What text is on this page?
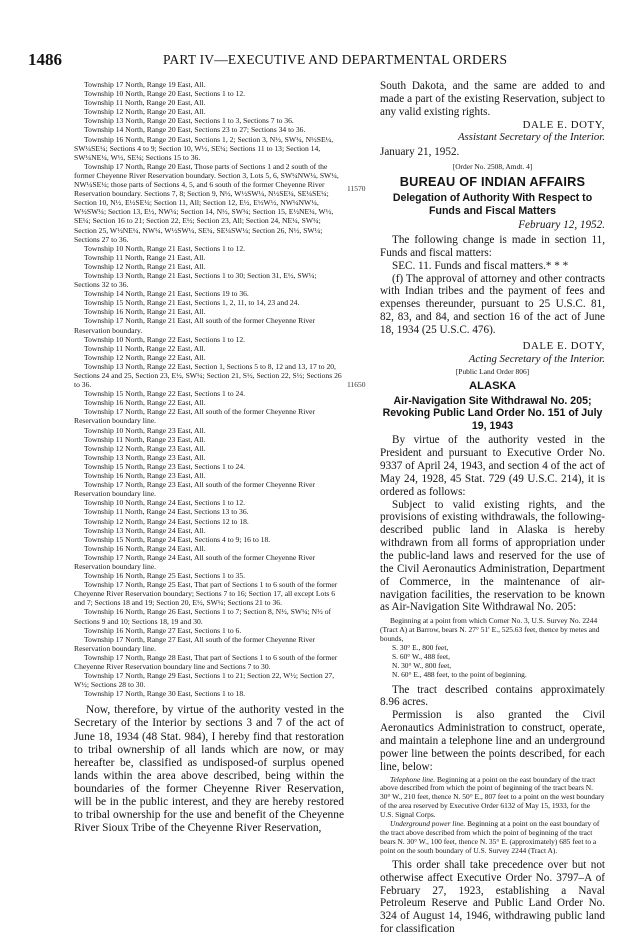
1486	PART IV—EXECUTIVE AND DEPARTMENTAL ORDERS

Township 17 North, Range 19 East, All.

Township 10 North, Range 20 East, Sections 1 to 12.

Township 11 North, Range 20 East, All.

Township 12 North, Range 20 East, All.

Township 13 North, Range 20 East, Sections 1 to 3, Sections 7 to 36.

Township 14 North, Range 20 East, Sections 23 to 27; Sections 34 to 36.

Township 16 North, Range 20 East, Sections 1, 2; Section 3, N½, SW¼, N½SE¼, SW¼SE¼; Sections 4 to 9; Section 10, W½, SE¼; Sections 11 to 13; Section 14, SW¼NE¼, W½, SE¼; Sections 15 to 36.

Township 17 North, Range 20 East, Those parts of Sections 1 and 2 south of the former Cheyenne River Reservation boundary. Section 3, Lots 5, 6, SW¼NW¼, SW¼, NW¼SE¼; those parts of Sections 4, 5, and 6 south of the former Cheyenne River Reservation boundary. Sections 7, 8; Section 9, N½, W½SW¼, N½SE¼, SE¼SE¼; Section 10, N½, E½SE¼; Section 11, All; Section 12, E½, E½W½, NW¼NW¼, W½SW¼; Section 13, E½, NW¼; Section 14, N½, SW¼; Section 15, E½NE¼, W½, SE¼; Section 16 to 21; Section 22, E½; Section 23, All; Section 24, NE¼, SW¼; Section 25, W½NE¼, NW¼, W½SW¼, SE¼, SE¼SW¼; Section 26, N½, SW¼; Sections 27 to 36.

Township 10 North, Range 21 East, Sections 1 to 12.

Township 11 North, Range 21 East, All.

Township 12 North, Range 21 East, All.

Township 13 North, Range 21 East, Sections 1 to 30; Section 31, E½, SW¼; Sections 32 to 36.

Township 14 North, Range 21 East, Sections 19 to 36.

Township 15 North, Range 21 East, Sections 1, 2, 11, to 14, 23 and 24.

Township 16 North, Range 21 East, All.

Township 17 North, Range 21 East, All south of the former Cheyenne River Reservation boundary.

Township 10 North, Range 22 East, Sections 1 to 12.

Township 11 North, Range 22 East, All.

Township 12 North, Range 22 East, All.

Township 13 North, Range 22 East, Section 1, Sections 5 to 8, 12 and 13, 17 to 20, Sections 24 and 25, Section 23, E½, SW¼; Section 21, S½, Section 22, S½; Sections 26 to 36.

Township 15 North, Range 22 East, Sections 1 to 24.

Township 16 North, Range 22 East, All.

Township 17 North, Range 22 East, All south of the former Cheyenne River Reservation boundary line.

Township 10 North, Range 23 East, All.

Township 11 North, Range 23 East, All.

Township 12 North, Range 23 East, All.

Township 13 North, Range 23 East, All.

Township 15 North, Range 23 East, Sections 1 to 24.

Township 16 North, Range 23 East, All.

Township 17 North, Range 23 East, All south of the former Cheyenne River Reservation boundary line.

Township 10 North, Range 24 East, Sections 1 to 12.

Township 11 North, Range 24 East, Sections 13 to 36.

Township 12 North, Range 24 East, Sections 12 to 18.

Township 13 North, Range 24 East, All.

Township 15 North, Range 24 East, Sections 4 to 9; 16 to 18.

Township 16 North, Range 24 East, All.

Township 17 North, Range 24 East, All south of the former Cheyenne River Reservation boundary line.

Township 16 North, Range 25 East, Sections 1 to 35.

Township 17 North, Range 25 East, That part of Sections 1 to 6 south of the former Cheyenne River Reservation boundary; Sections 7 to 16; Section 17, all except Lots 6 and 7; Sections 18 and 19; Section 20, E½, SW¼; Sections 21 to 36.

Township 16 North, Range 26 East, Sections 1 to 7; Section 8, N½, SW¼; N½ of Sections 9 and 10; Sections 18, 19 and 30.

Township 16 North, Range 27 East, Sections 1 to 6.

Township 17 North, Range 27 East, All south of the former Cheyenne River Reservation boundary line.

Township 17 North, Range 28 East, That part of Sections 1 to 6 south of the former Cheyenne River Reservation boundary line and Sections 7 to 30.

Township 17 North, Range 29 East, Sections 1 to 21; Section 22, W½; Section 27, W½; Sections 28 to 30.

Township 17 North, Range 30 East, Sections 1 to 18.

Now, therefore, by virtue of the authority vested in the Secretary of the Interior by sections 3 and 7 of the act of June 18, 1934 (48 Stat. 984), I hereby find that restoration to tribal ownership of all lands which are now, or may hereafter be, classified as undisposed-of surplus opened lands within the area above described, being within the boundaries of the former Cheyenne River Reservation, will be in the public interest, and they are hereby restored to tribal ownership for the use and benefit of the Cheyenne River Sioux Tribe of the Cheyenne River Reservation,

11570
11650

South Dakota, and the same are added to and made a part of the existing Reservation, subject to any valid existing rights.

DALE E. DOTY,

Assistant Secretary of the Interior.

January 21, 1952.

[Order No. 2508, Amdt. 4]

BUREAU OF INDIAN AFFAIRS

Delegation of Authority With Respect to Funds and Fiscal Matters

February 12, 1952.

The following change is made in section 11, Funds and fiscal matters:

SEC. 11. Funds and fiscal matters.* * *

(f) The approval of attorney and other contracts with Indian tribes and the payment of fees and expenses thereunder, pursuant to 25 U.S.C. 81, 82, 83, and 84, and section 16 of the act of June 18, 1934 (25 U.S.C. 476).

DALE E. DOTY,

Acting Secretary of the Interior.

[Public Land Order 806]

ALASKA

Air-Navigation Site Withdrawal No. 205; Revoking Public Land Order No. 151 of July 19, 1943

By virtue of the authority vested in the President and pursuant to Executive Order No. 9337 of April 24, 1943, and section 4 of the act of May 24, 1928, 45 Stat. 729 (49 U.S.C. 214), it is ordered as follows:

Subject to valid existing rights, and the provisions of existing withdrawals, the following-described public land in Alaska is hereby withdrawn from all forms of appropriation under the public-land laws and reserved for the use of the Civil Aeronautics Administration, Department of Commerce, in the maintenance of air-navigation facilities, the reservation to be known as Air-Navigation Site Withdrawal No. 205:

Beginning at a point from which Corner No. 3, U.S. Survey No. 2244 (Tract A) at Barrow, bears N. 27° 51′ E., 525.63 feet, thence by metes and bounds,

S. 30° E., 800 feet,

S. 60° W., 488 feet,

N. 30° W., 800 feet,

N. 60° E., 488 feet, to the point of beginning.

The tract described contains approximately 8.96 acres.

Permission is also granted the Civil Aeronautics Administration to construct, operate, and maintain a telephone line and an underground power line between the points described, for each line, below:

Telephone line. Beginning at a point on the east boundary of the tract above described from which the point of beginning of the tract bears N. 30° W., 210 feet, thence N. 50° E., 807 feet to a point on the west boundary of the area reserved by Executive Order 6132 of May 15, 1933, for the U.S. Signal Corps.

Underground power line. Beginning at a point on the east boundary of the tract above described from which the point of beginning of the tract bears N. 30° W., 100 feet, thence N. 35° E. (approximately) 685 feet to a point on the south boundary of U.S. Survey 2244 (Tract A).

This order shall take precedence over but not otherwise affect Executive Order No. 3797–A of February 27, 1923, establishing a Naval Petroleum Reserve and Public Land Order No. 324 of August 14, 1946, withdrawing public land for classification
